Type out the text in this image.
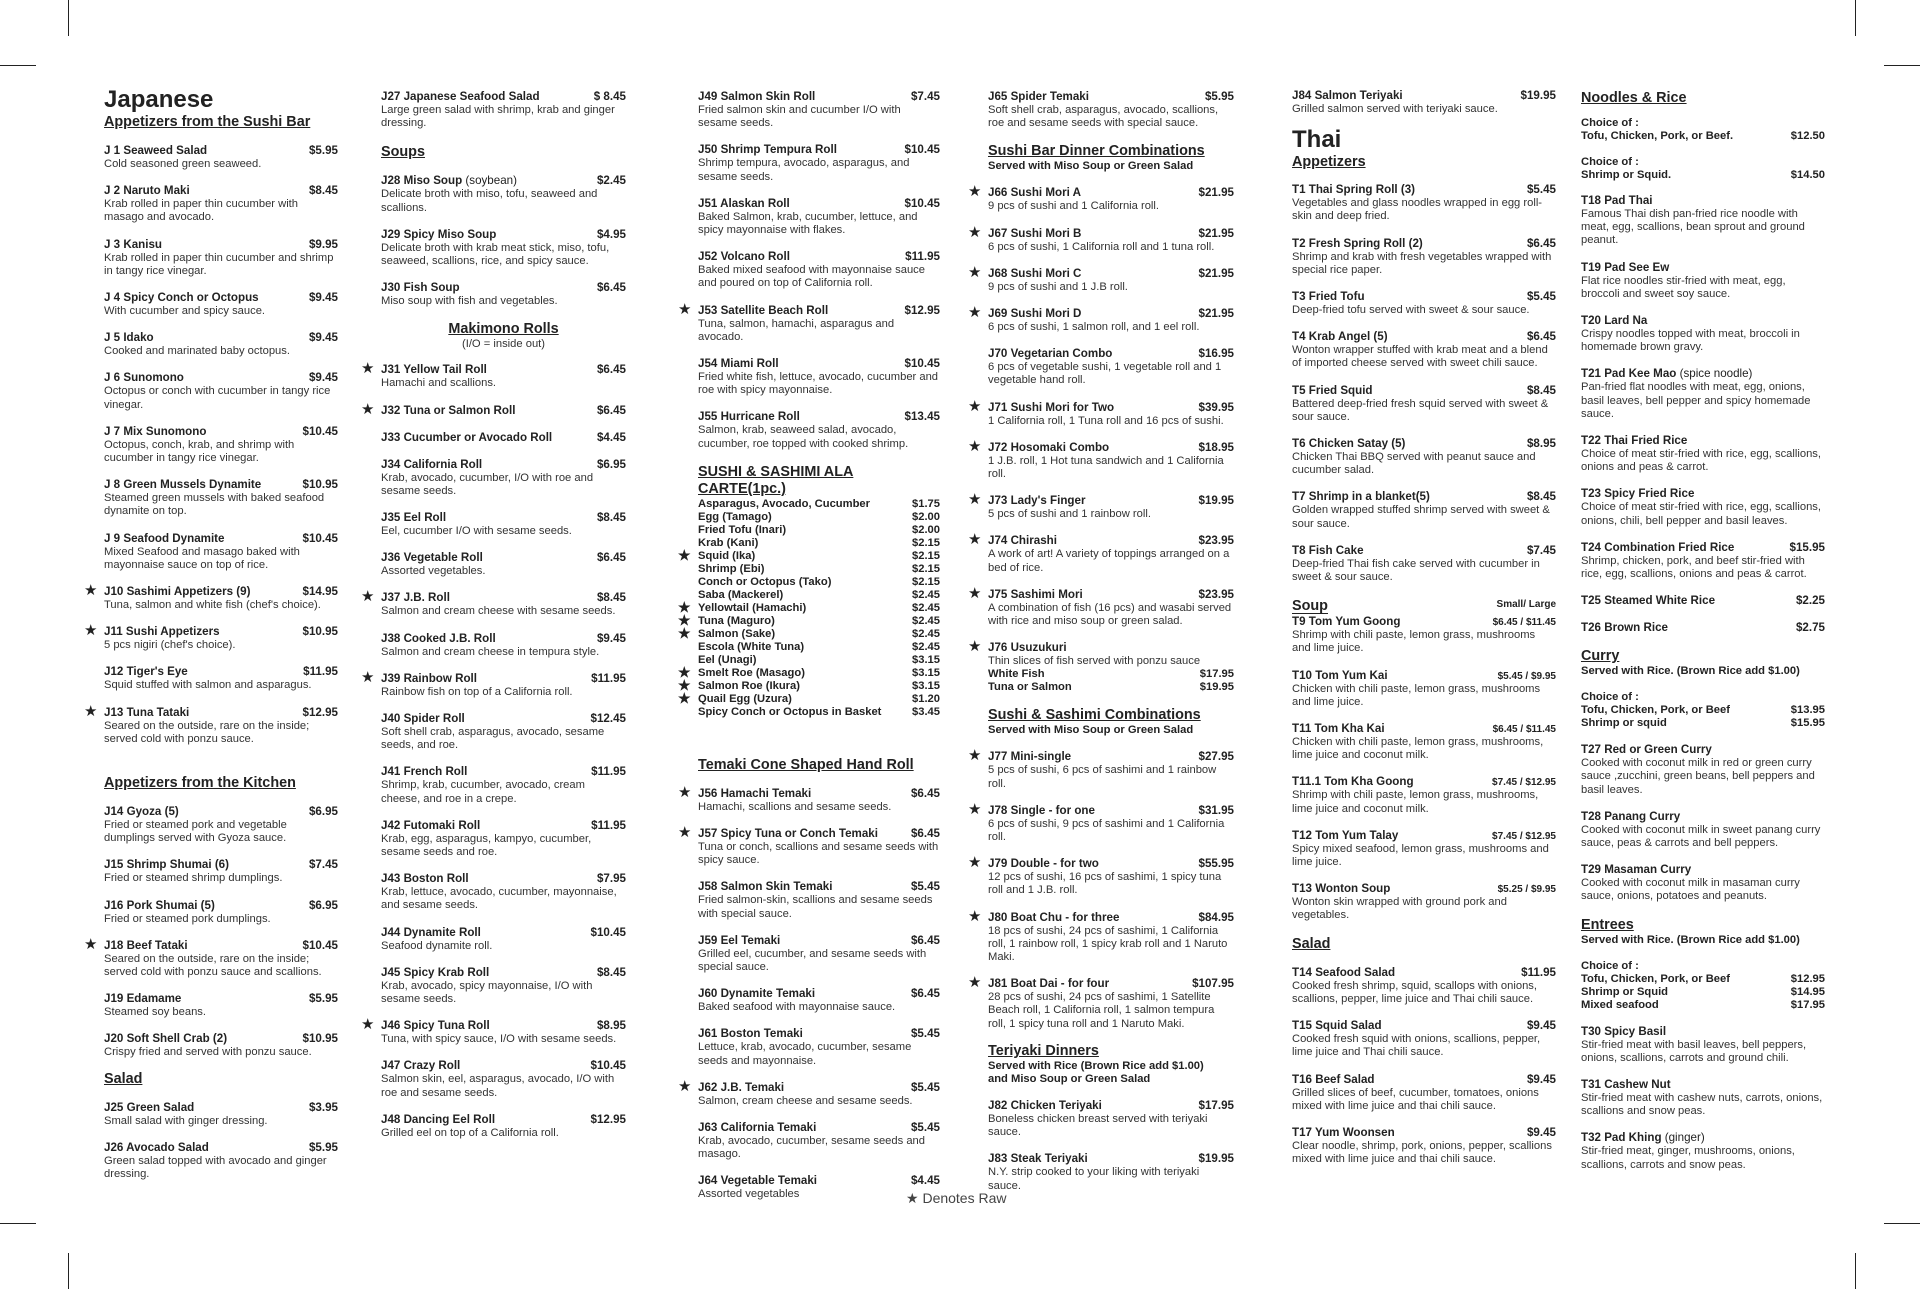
Japanese
Appetizers from the Sushi Bar
J 1 Seaweed Salad	$5.95
Cold seasoned green seaweed.
J 2 Naruto Maki	$8.45
Krab rolled in paper thin cucumber with masago and avocado.
J 3 Kanisu	$9.95
Krab rolled in paper thin cucumber and shrimp in tangy rice vinegar.
J 4 Spicy Conch or Octopus	$9.45
With cucumber and spicy sauce.
J 5 Idako	$9.45
Cooked and marinated baby octopus.
J 6 Sunomono	$9.45
Octopus or conch with cucumber in tangy rice vinegar.
J 7 Mix Sunomono	$10.45
Octopus, conch, krab, and shrimp with cucumber in tangy rice vinegar.
J 8 Green Mussels Dynamite	$10.95
Steamed green mussels with baked seafood dynamite on top.
J 9 Seafood Dynamite	$10.45
Mixed Seafood and masago baked with mayonnaise sauce on top of rice.
★ J10 Sashimi Appetizers (9)	$14.95
Tuna, salmon and white fish (chef's choice).
★ J11 Sushi Appetizers	$10.95
5 pcs nigiri (chef's choice).
J12 Tiger's Eye	$11.95
Squid stuffed with salmon and asparagus.
★ J13 Tuna Tataki	$12.95
Seared on the outside, rare on the inside; served cold with ponzu sauce.
Appetizers from the Kitchen
J14 Gyoza (5)	$6.95
Fried or steamed pork and vegetable dumplings served with Gyoza sauce.
J15 Shrimp Shumai (6)	$7.45
Fried or steamed shrimp dumplings.
J16 Pork Shumai (5)	$6.95
Fried or steamed pork dumplings.
★ J18 Beef Tataki	$10.45
Seared on the outside, rare on the inside; served cold with ponzu sauce and scallions.
J19 Edamame	$5.95
Steamed soy beans.
J20 Soft Shell Crab (2)	$10.95
Crispy fried and served with ponzu sauce.
Salad
J25 Green Salad	$3.95
Small salad with ginger dressing.
J26 Avocado Salad	$5.95
Green salad topped with avocado and ginger dressing.
J27 Japanese Seafood Salad	$ 8.45
Large green salad with shrimp, krab and ginger dressing.
Soups
J28 Miso Soup (soybean)	$2.45
Delicate broth with miso, tofu, seaweed and scallions.
J29 Spicy Miso Soup	$4.95
Delicate broth with krab meat stick, miso, tofu, seaweed, scallions, rice, and spicy sauce.
J30 Fish Soup	$6.45
Miso soup with fish and vegetables.
Makimono Rolls
(I/O = inside out)
★ J31 Yellow Tail Roll	$6.45
Hamachi and scallions.
★ J32 Tuna or Salmon Roll	$6.45
J33 Cucumber or Avocado Roll	$4.45
J34 California Roll	$6.95
Krab, avocado, cucumber, I/O with roe and sesame seeds.
J35 Eel Roll	$8.45
Eel, cucumber I/O with sesame seeds.
J36 Vegetable Roll	$6.45
Assorted vegetables.
★ J37 J.B. Roll	$8.45
Salmon and cream cheese with sesame seeds.
J38 Cooked J.B. Roll	$9.45
Salmon and cream cheese in tempura style.
★ J39 Rainbow Roll	$11.95
Rainbow fish on top of a California roll.
J40 Spider Roll	$12.45
Soft shell crab, asparagus, avocado, sesame seeds, and roe.
J41 French Roll	$11.95
Shrimp, krab, cucumber, avocado, cream cheese, and roe in a crepe.
J42 Futomaki Roll	$11.95
Krab, egg, asparagus, kampyo, cucumber, sesame seeds and roe.
J43 Boston Roll	$7.95
Krab, lettuce, avocado, cucumber, mayonnaise, and sesame seeds.
J44 Dynamite Roll	$10.45
Seafood dynamite roll.
J45 Spicy Krab Roll	$8.45
Krab, avocado, spicy mayonnaise, I/O with sesame seeds.
★ J46 Spicy Tuna Roll	$8.95
Tuna, with spicy sauce, I/O with sesame seeds.
J47 Crazy Roll	$10.45
Salmon skin, eel, asparagus, avocado, I/O with roe and sesame seeds.
J48 Dancing Eel Roll	$12.95
Grilled eel on top of a California roll.
J49 Salmon Skin Roll	$7.45
Fried salmon skin and cucumber I/O with sesame seeds.
J50 Shrimp Tempura Roll	$10.45
Shrimp tempura, avocado, asparagus, and sesame seeds.
J51 Alaskan Roll	$10.45
Baked Salmon, krab, cucumber, lettuce, and spicy mayonnaise with flakes.
J52 Volcano Roll	$11.95
Baked mixed seafood with mayonnaise sauce and poured on top of California roll.
★ J53 Satellite Beach Roll	$12.95
Tuna, salmon, hamachi, asparagus and avocado.
J54 Miami Roll	$10.45
Fried white fish, lettuce, avocado, cucumber and roe with spicy mayonnaise.
J55 Hurricane Roll	$13.45
Salmon, krab, seaweed salad, avocado, cucumber, roe topped with cooked shrimp.
SUSHI & SASHIMI ALA CARTE(1pc.)
Asparagus, Avocado, Cucumber	$1.75
Egg (Tamago)	$2.00
Fried Tofu (Inari)	$2.00
Krab (Kani)	$2.15
★ Squid (Ika)	$2.15
Shrimp (Ebi)	$2.15
Conch or Octopus (Tako)	$2.15
Saba (Mackerel)	$2.45
★ Yellowtail (Hamachi)	$2.45
★ Tuna (Maguro)	$2.45
★ Salmon (Sake)	$2.45
Escola (White Tuna)	$2.45
Eel (Unagi)	$3.15
★ Smelt Roe (Masago)	$3.15
★ Salmon Roe (Ikura)	$3.15
★ Quail Egg (Uzura)	$1.20
Spicy Conch or Octopus in Basket	$3.45
Temaki Cone Shaped Hand Roll
★ J56 Hamachi Temaki	$6.45
Hamachi, scallions and sesame seeds.
★ J57 Spicy Tuna or Conch Temaki	$6.45
Tuna or conch, scallions and sesame seeds with spicy sauce.
J58 Salmon Skin Temaki	$5.45
Fried salmon-skin, scallions and sesame seeds with special sauce.
J59 Eel Temaki	$6.45
Grilled eel, cucumber, and sesame seeds with special sauce.
J60 Dynamite Temaki	$6.45
Baked seafood with mayonnaise sauce.
J61 Boston Temaki	$5.45
Lettuce, krab, avocado, cucumber, sesame seeds and mayonnaise.
★ J62 J.B. Temaki	$5.45
Salmon, cream cheese and sesame seeds.
J63 California Temaki	$5.45
Krab, avocado, cucumber, sesame seeds and masago.
J64 Vegetable Temaki	$4.45
Assorted vegetables
J65 Spider Temaki	$5.95
Soft shell crab, asparagus, avocado, scallions, roe and sesame seeds with special sauce.
Sushi Bar Dinner Combinations
Served with Miso Soup or Green Salad
★ J66 Sushi Mori A	$21.95
9 pcs of sushi and 1 California roll.
★ J67 Sushi Mori B	$21.95
6 pcs of sushi, 1 California roll and 1 tuna roll.
★ J68 Sushi Mori C	$21.95
9 pcs of sushi and 1 J.B roll.
★ J69 Sushi Mori D	$21.95
6 pcs of sushi, 1 salmon roll, and 1 eel roll.
J70 Vegetarian Combo	$16.95
6 pcs of vegetable sushi, 1 vegetable roll and 1 vegetable hand roll.
★ J71 Sushi Mori for Two	$39.95
1 California roll, 1 Tuna roll and 16 pcs of sushi.
★ J72 Hosomaki Combo	$18.95
1 J.B. roll, 1 Hot tuna sandwich and 1 California roll.
★ J73 Lady's Finger	$19.95
5 pcs of sushi and 1 rainbow roll.
★ J74 Chirashi	$23.95
A work of art! A variety of toppings arranged on a bed of rice.
★ J75 Sashimi Mori	$23.95
A combination of fish (16 pcs) and wasabi served with rice and miso soup or green salad.
★ J76 Usuzukuri
Thin slices of fish served with ponzu sauce
White Fish	$17.95
Tuna or Salmon	$19.95
Sushi & Sashimi Combinations
Served with Miso Soup or Green Salad
★ J77 Mini-single	$27.95
5 pcs of sushi, 6 pcs of sashimi and 1 rainbow roll.
★ J78 Single - for one	$31.95
6 pcs of sushi, 9 pcs of sashimi and 1 California roll.
★ J79 Double - for two	$55.95
12 pcs of sushi, 16 pcs of sashimi, 1 spicy tuna roll and 1 J.B. roll.
★ J80 Boat Chu - for three	$84.95
18 pcs of sushi, 24 pcs of sashimi, 1 California roll, 1 rainbow roll, 1 spicy krab roll and 1 Naruto Maki.
★ J81 Boat Dai - for four	$107.95
28 pcs of sushi, 24 pcs of sashimi, 1 Satellite Beach roll, 1 California roll, 1 salmon tempura roll, 1 spicy tuna roll and 1 Naruto Maki.
Teriyaki Dinners
Served with Rice (Brown Rice add $1.00)
and Miso Soup or Green Salad
J82 Chicken Teriyaki	$17.95
Boneless chicken breast served with teriyaki sauce.
J83 Steak Teriyaki	$19.95
N.Y. strip cooked to your liking with teriyaki sauce.
J84 Salmon Teriyaki	$19.95
Grilled salmon served with teriyaki sauce.
Thai
Appetizers
T1 Thai Spring Roll (3)	$5.45
Vegetables and glass noodles wrapped in egg roll-skin and deep fried.
T2 Fresh Spring Roll (2)	$6.45
Shrimp and krab with fresh vegetables wrapped with special rice paper.
T3 Fried Tofu	$5.45
Deep-fried tofu served with sweet & sour sauce.
T4 Krab Angel (5)	$6.45
Wonton wrapper stuffed with krab meat and a blend of imported cheese served with sweet chili sauce.
T5 Fried Squid	$8.45
Battered deep-fried fresh squid served with sweet & sour sauce.
T6 Chicken Satay (5)	$8.95
Chicken Thai BBQ served with peanut sauce and cucumber salad.
T7 Shrimp in a blanket(5)	$8.45
Golden wrapped stuffed shrimp served with sweet & sour sauce.
T8 Fish Cake	$7.45
Deep-fried Thai fish cake served with cucumber in sweet & sour sauce.
Soup	Small/ Large
T9 Tom Yum Goong	$6.45 / $11.45
Shrimp with chili paste, lemon grass, mushrooms and lime juice.
T10 Tom Yum Kai	$5.45 / $9.95
Chicken with chili paste, lemon grass, mushrooms and lime juice.
T11 Tom Kha Kai	$6.45 / $11.45
Chicken with chili paste, lemon grass, mushrooms, lime juice and coconut milk.
T11.1 Tom Kha Goong	$7.45 / $12.95
Shrimp with chili paste, lemon grass, mushrooms, lime juice and coconut milk.
T12 Tom Yum Talay	$7.45 / $12.95
Spicy mixed seafood, lemon grass, mushrooms and lime juice.
T13 Wonton Soup	$5.25 / $9.95
Wonton skin wrapped with ground pork and vegetables.
Salad
T14 Seafood Salad	$11.95
Cooked fresh shrimp, squid, scallops with onions, scallions, pepper, lime juice and Thai chili sauce.
T15 Squid Salad	$9.45
Cooked fresh squid with onions, scallions, pepper, lime juice and Thai chili sauce.
T16 Beef Salad	$9.45
Grilled slices of beef, cucumber, tomatoes, onions mixed with lime juice and thai chili sauce.
T17 Yum Woonsen	$9.45
Clear noodle, shrimp, pork, onions, pepper, scallions mixed with lime juice and thai chili sauce.
Noodles & Rice
Choice of :
Tofu, Chicken, Pork, or Beef.	$12.50
Choice of :
Shrimp or Squid.	$14.50
T18 Pad Thai
Famous Thai dish pan-fried rice noodle with meat, egg, scallions, bean sprout and ground peanut.
T19 Pad See Ew
Flat rice noodles stir-fried with meat, egg, broccoli and sweet soy sauce.
T20 Lard Na
Crispy noodles topped with meat, broccoli in homemade brown gravy.
T21 Pad Kee Mao (spice noodle)
Pan-fried flat noodles with meat, egg, onions, basil leaves, bell pepper and spicy homemade sauce.
T22 Thai Fried Rice
Choice of meat stir-fried with rice, egg, scallions, onions and peas & carrot.
T23 Spicy Fried Rice
Choice of meat stir-fried with rice, egg, scallions, onions, chili, bell pepper and basil leaves.
T24 Combination Fried Rice	$15.95
Shrimp, chicken, pork, and beef stir-fried with rice, egg, scallions, onions and peas & carrot.
T25 Steamed White Rice	$2.25
T26 Brown Rice	$2.75
Curry
Served with Rice. (Brown Rice add $1.00)
Choice of :
Tofu, Chicken, Pork, or Beef	$13.95
Shrimp or squid	$15.95
T27 Red or Green Curry
Cooked with coconut milk in red or green curry sauce ,zucchini, green beans, bell peppers and basil leaves.
T28 Panang Curry
Cooked with coconut milk in sweet panang curry sauce, peas & carrots and bell peppers.
T29 Masaman Curry
Cooked with coconut milk in masaman curry sauce, onions, potatoes and peanuts.
Entrees
Served with Rice. (Brown Rice add $1.00)
Choice of :
Tofu, Chicken, Pork, or Beef	$12.95
Shrimp or Squid	$14.95
Mixed seafood	$17.95
T30 Spicy Basil
Stir-fried meat with basil leaves, bell peppers, onions, scallions, carrots and ground chili.
T31 Cashew Nut
Stir-fried meat with cashew nuts, carrots, onions, scallions and snow peas.
T32 Pad Khing (ginger)
Stir-fried meat, ginger, mushrooms, onions, scallions, carrots and snow peas.
★ Denotes Raw
